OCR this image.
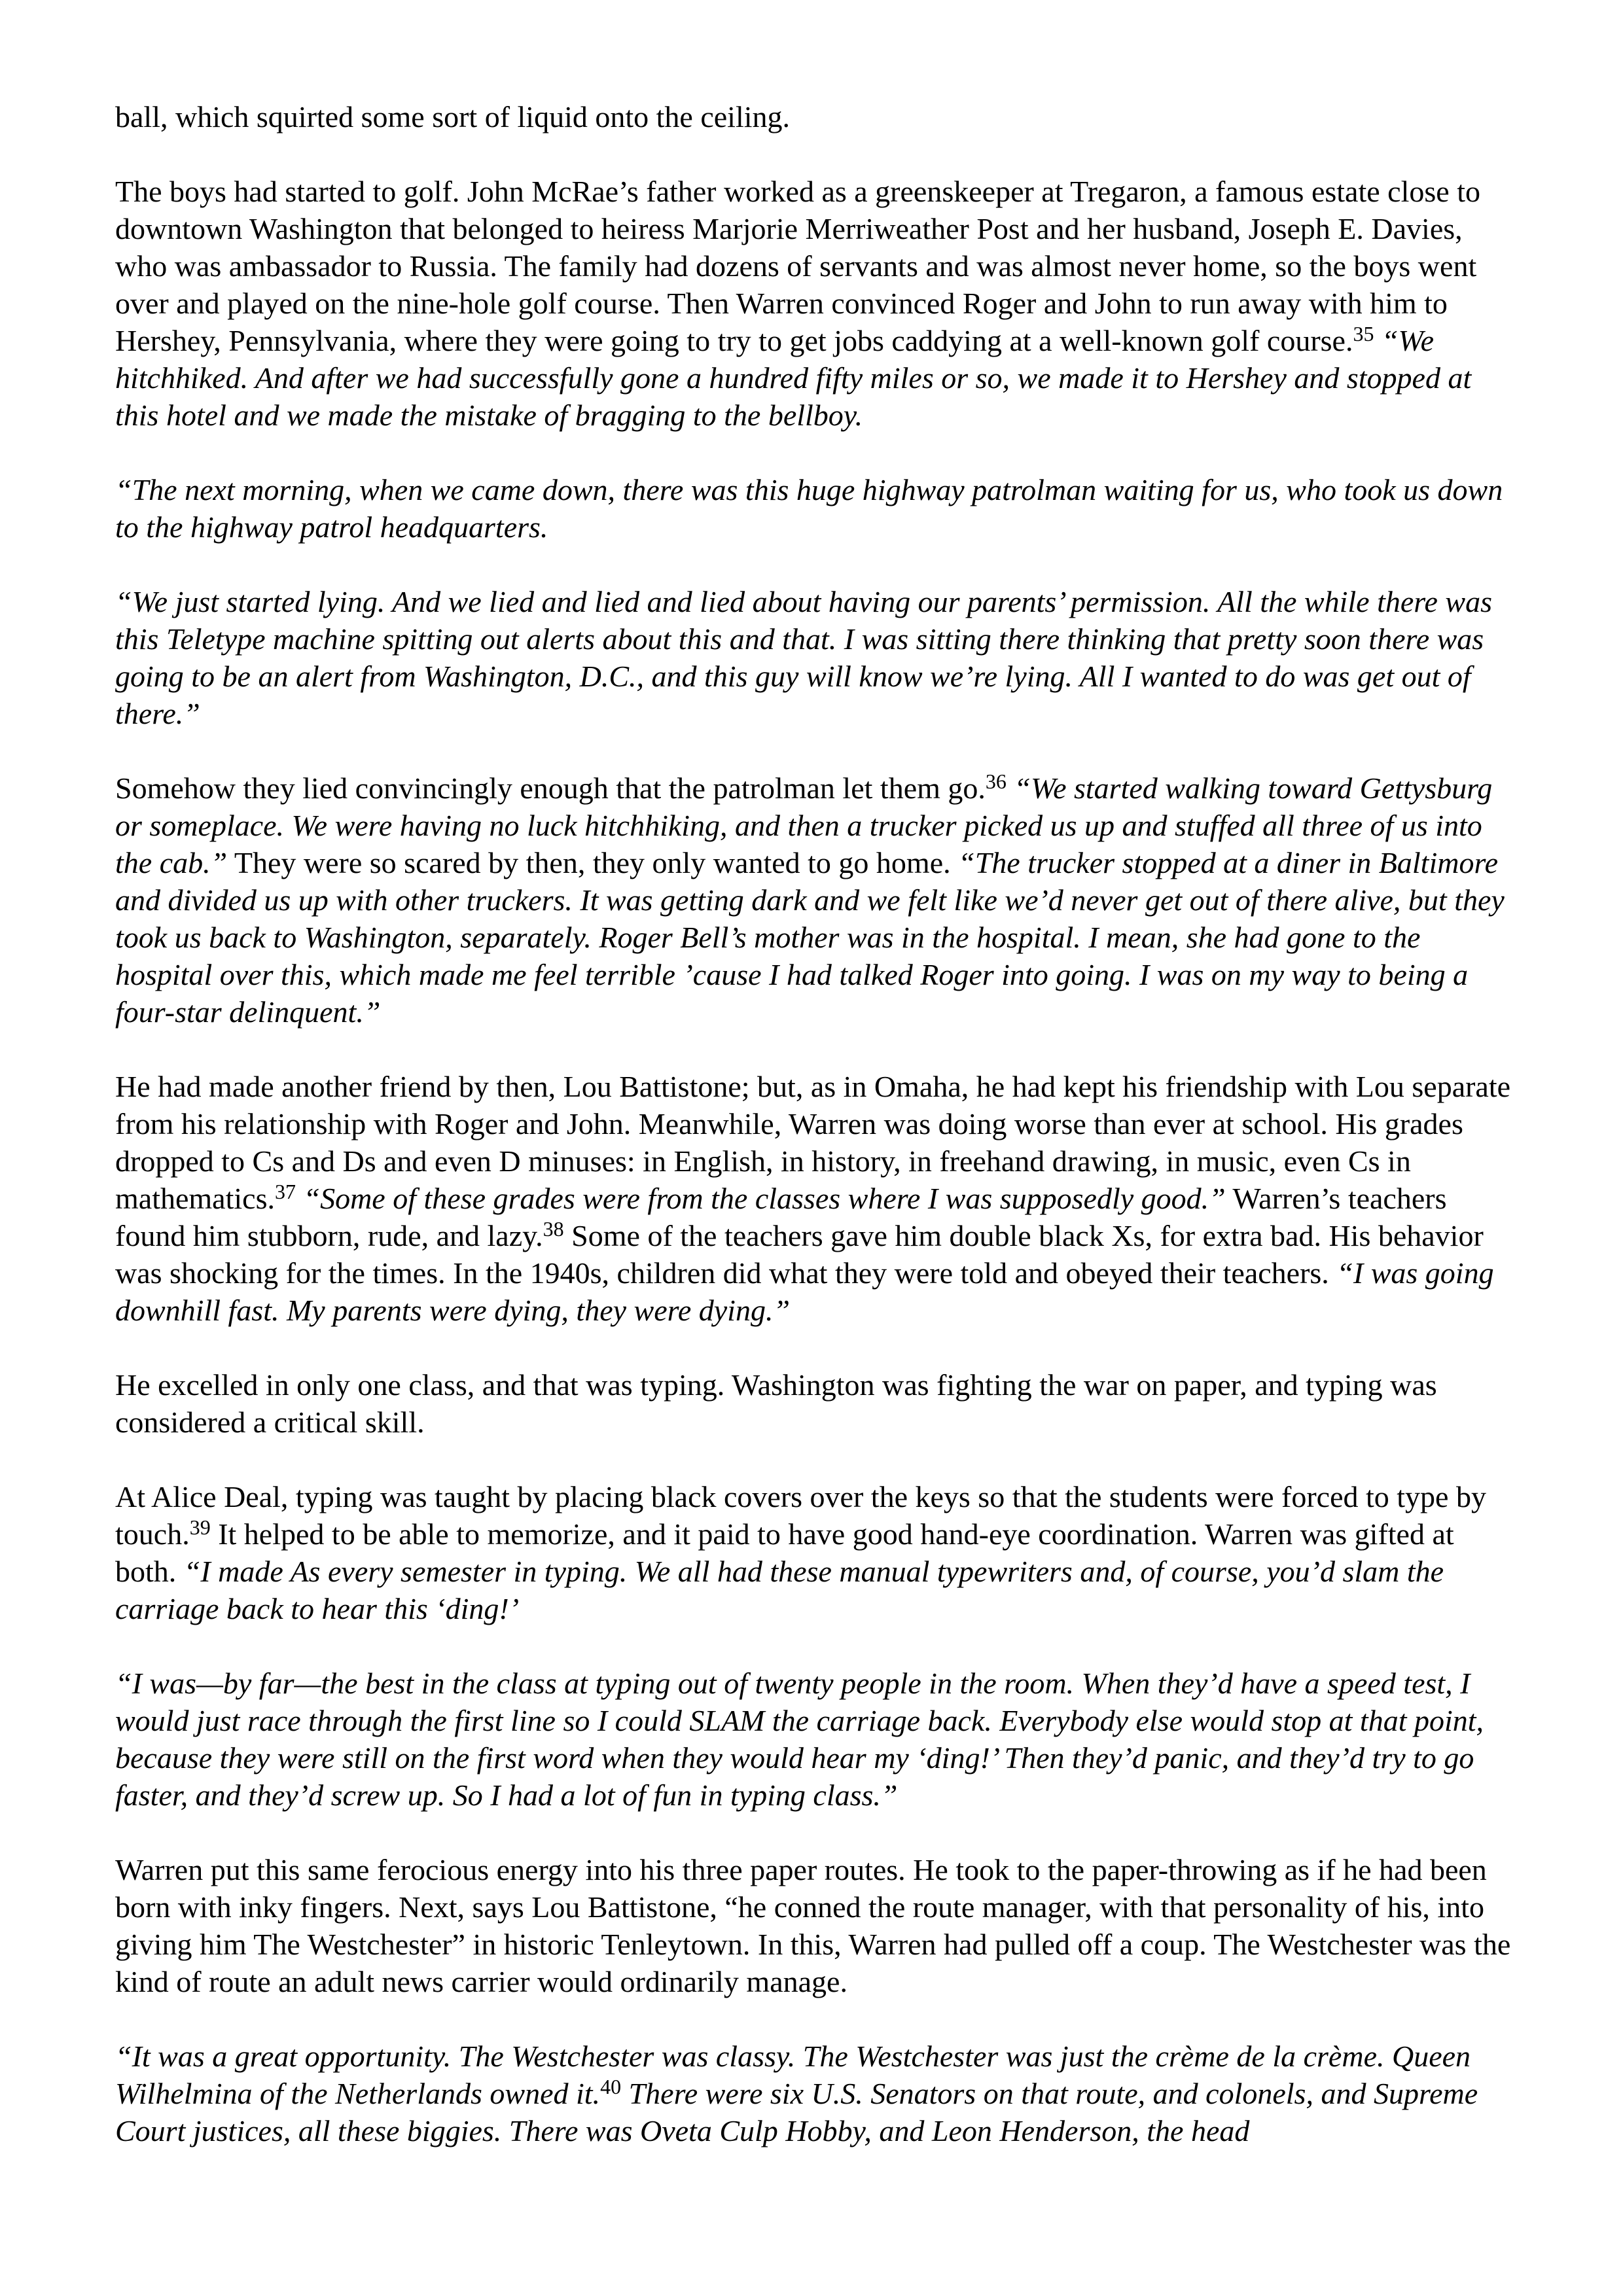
ball, which squirted some sort of liquid onto the ceiling.

The boys had started to golf. John McRae’s father worked as a greenskeeper at Tregaron, a famous estate close to downtown Washington that belonged to heiress Marjorie Merriweather Post and her husband, Joseph E. Davies, who was ambassador to Russia. The family had dozens of servants and was almost never home, so the boys went over and played on the nine-hole golf course. Then Warren convinced Roger and John to run away with him to Hershey, Pennsylvania, where they were going to try to get jobs caddying at a well-known golf course.$^{35}$ “We hitchhiked. And after we had successfully gone a hundred fifty miles or so, we made it to Hershey and stopped at this hotel and we made the mistake of bragging to the bellboy.

“The next morning, when we came down, there was this huge highway patrolman waiting for us, who took us down to the highway patrol headquarters.

“We just started lying. And we lied and lied and lied about having our parents’ permission. All the while there was this Teletype machine spitting out alerts about this and that. I was sitting there thinking that pretty soon there was going to be an alert from Washington, D.C., and this guy will know we’re lying. All I wanted to do was get out of there.”

Somehow they lied convincingly enough that the patrolman let them go.$^{36}$ “We started walking toward Gettysburg or someplace. We were having no luck hitchhiking, and then a trucker picked us up and stuffed all three of us into the cab.” They were so scared by then, they only wanted to go home. “The trucker stopped at a diner in Baltimore and divided us up with other truckers. It was getting dark and we felt like we’d never get out of there alive, but they took us back to Washington, separately. Roger Bell’s mother was in the hospital. I mean, she had gone to the hospital over this, which made me feel terrible ’cause I had talked Roger into going. I was on my way to being a four-star delinquent.”

He had made another friend by then, Lou Battistone; but, as in Omaha, he had kept his friendship with Lou separate from his relationship with Roger and John. Meanwhile, Warren was doing worse than ever at school. His grades dropped to Cs and Ds and even D minuses: in English, in history, in freehand drawing, in music, even Cs in mathematics.$^{37}$ “Some of these grades were from the classes where I was supposedly good.” Warren’s teachers found him stubborn, rude, and lazy.$^{38}$ Some of the teachers gave him double black Xs, for extra bad. His behavior was shocking for the times. In the 1940s, children did what they were told and obeyed their teachers. “I was going downhill fast. My parents were dying, they were dying.”

He excelled in only one class, and that was typing. Washington was fighting the war on paper, and typing was considered a critical skill.

At Alice Deal, typing was taught by placing black covers over the keys so that the students were forced to type by touch.$^{39}$ It helped to be able to memorize, and it paid to have good hand-eye coordination. Warren was gifted at both. “I made As every semester in typing. We all had these manual typewriters and, of course, you’d slam the carriage back to hear this ‘ding!’

“I was—by far—the best in the class at typing out of twenty people in the room. When they’d have a speed test, I would just race through the first line so I could SLAM the carriage back. Everybody else would stop at that point, because they were still on the first word when they would hear my ‘ding!’ Then they’d panic, and they’d try to go faster, and they’d screw up. So I had a lot of fun in typing class.”

Warren put this same ferocious energy into his three paper routes. He took to the paper-throwing as if he had been born with inky fingers. Next, says Lou Battistone, “he conned the route manager, with that personality of his, into giving him The Westchester” in historic Tenleytown. In this, Warren had pulled off a coup. The Westchester was the kind of route an adult news carrier would ordinarily manage.

“It was a great opportunity. The Westchester was classy. The Westchester was just the crème de la crème. Queen Wilhelmina of the Netherlands owned it.$^{40}$ There were six U.S. Senators on that route, and colonels, and Supreme Court justices, all these biggies. There was Oveta Culp Hobby, and Leon Henderson, the head
